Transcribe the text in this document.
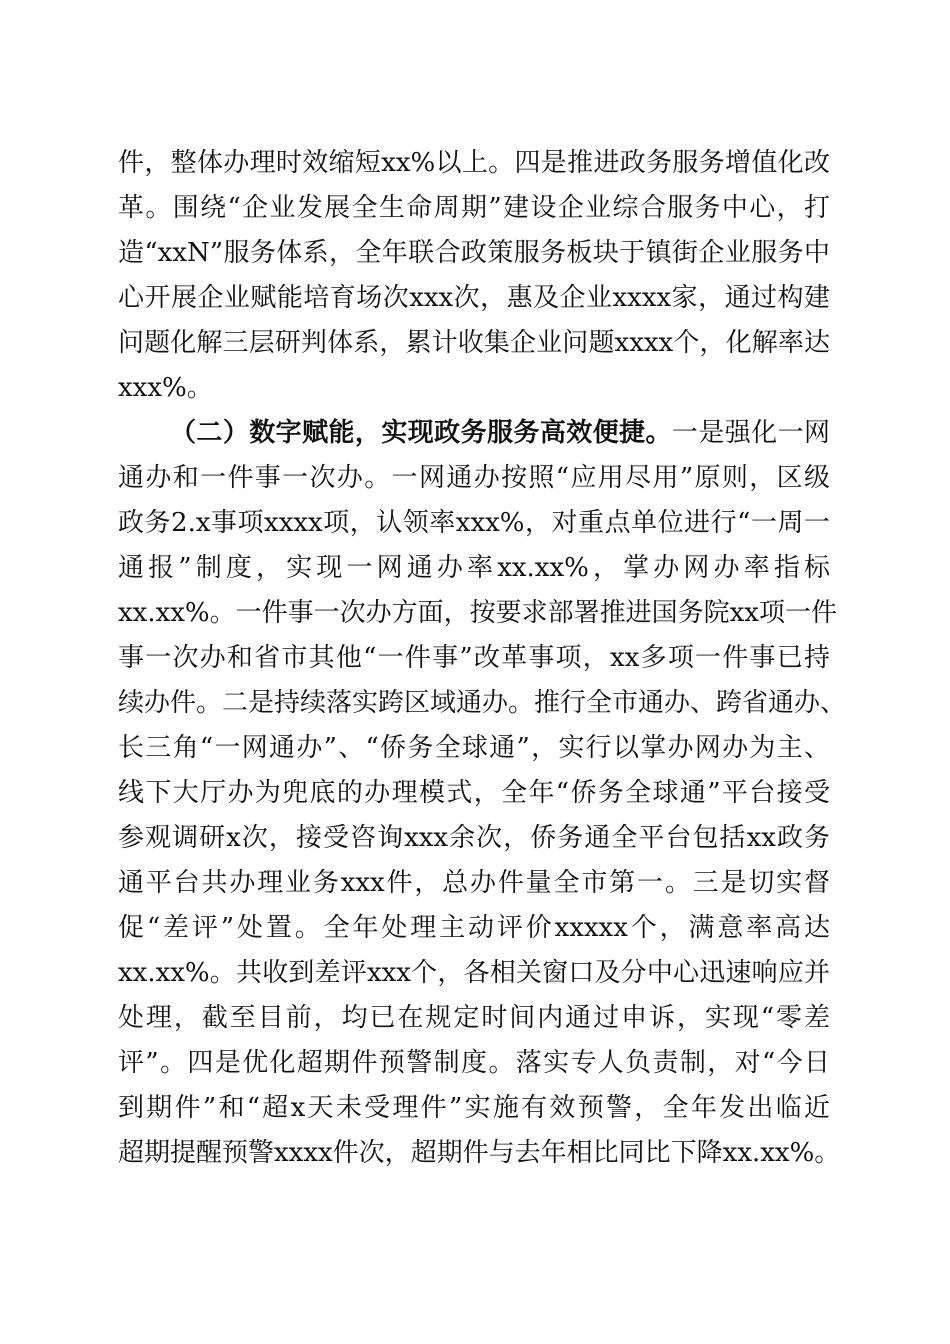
件，整体办理时效缩短xx%以上。四是推进政务服务增值化改
革。围绕“企业发展全生命周期”建设企业综合服务中心，打
造“xxN”服务体系，全年联合政策服务板块于镇街企业服务中
心开展企业赋能培育场次xxx次，惠及企业xxxx家，通过构建
问题化解三层研判体系，累计收集企业问题xxxx个，化解率达
xxx%。
（二）数字赋能，实现政务服务高效便捷。一是强化一网
通办和一件事一次办。一网通办按照“应用尽用”原则，区级
政务2.x事项xxxx项，认领率xxx%，对重点单位进行“一周一
通报”制度，实现一网通办率xx.xx%，掌办网办率指标
xx.xx%。一件事一次办方面，按要求部署推进国务院xx项一件
事一次办和省市其他“一件事”改革事项，xx多项一件事已持
续办件。二是持续落实跨区域通办。推行全市通办、跨省通办、
长三角“一网通办”、“侨务全球通”，实行以掌办网办为主、
线下大厅办为兜底的办理模式，全年“侨务全球通”平台接受
参观调研x次，接受咨询xxx余次，侨务通全平台包括xx政务
通平台共办理业务xxx件，总办件量全市第一。三是切实督
促“差评”处置。全年处理主动评价xxxxx个，满意率高达
xx.xx%。共收到差评xxx个，各相关窗口及分中心迅速响应并
处理，截至目前，均已在规定时间内通过申诉，实现“零差
评”。四是优化超期件预警制度。落实专人负责制，对“今日
到期件”和“超x天未受理件”实施有效预警，全年发出临近
超期提醒预警xxxx件次，超期件与去年相比同比下降xx.xx%。
